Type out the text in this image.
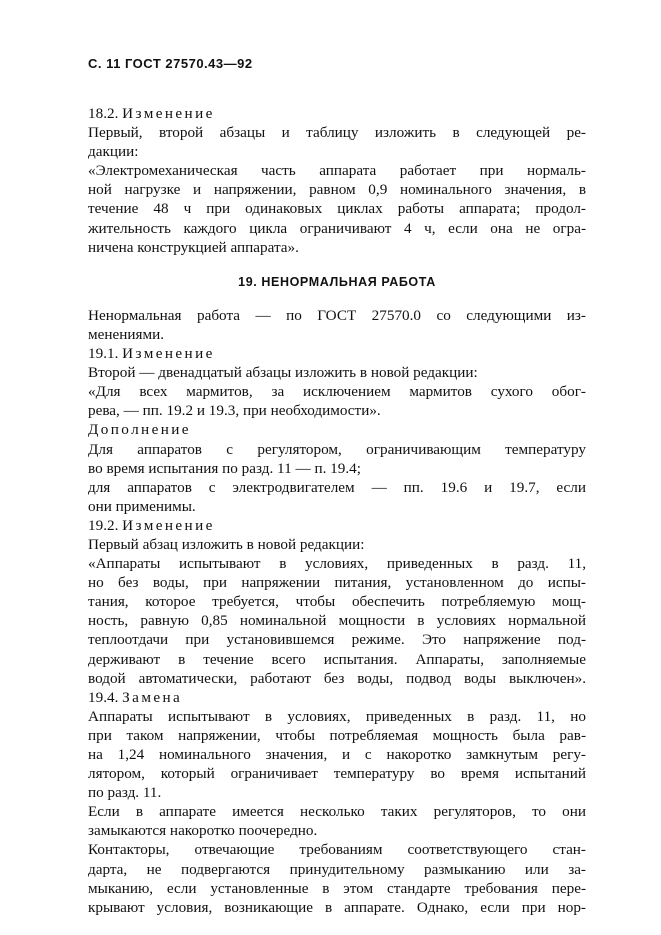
С. 11 ГОСТ 27570.43—92
18.2. Изменение
Первый, второй абзацы и таблицу изложить в следующей ре-
дакции:
«Электромеханическая часть аппарата работает при нормаль-
ной нагрузке и напряжении, равном 0,9 номинального значения, в
течение 48 ч при одинаковых циклах работы аппарата; продол-
жительность каждого цикла ограничивают 4 ч, если она не огра-
ничена конструкцией аппарата».
19. НЕНОРМАЛЬНАЯ РАБОТА
Ненормальная работа — по ГОСТ 27570.0 со следующими из-
менениями.
19.1. Изменение
Второй — двенадцатый абзацы изложить в новой редакции:
«Для всех мармитов, за исключением мармитов сухого обог-
рева, — пп. 19.2 и 19.3, при необходимости».
Дополнение
Для аппаратов с регулятором, ограничивающим температуру
во время испытания по разд. 11 — п. 19.4;
для аппаратов с электродвигателем — пп. 19.6 и 19.7, если
они применимы.
19.2. Изменение
Первый абзац изложить в новой редакции:
«Аппараты испытывают в условиях, приведенных в разд. 11,
но без воды, при напряжении питания, установленном до испы-
тания, которое требуется, чтобы обеспечить потребляемую мощ-
ность, равную 0,85 номинальной мощности в условиях нормальной
теплоотдачи при установившемся режиме. Это напряжение под-
держивают в течение всего испытания. Аппараты, заполняемые
водой автоматически, работают без воды, подвод воды выключен».
19.4. Замена
Аппараты испытывают в условиях, приведенных в разд. 11, но
при таком напряжении, чтобы потребляемая мощность была рав-
на 1,24 номинального значения, и с накоротко замкнутым регу-
лятором, который ограничивает температуру во время испытаний
по разд. 11.
Если в аппарате имеется несколько таких регуляторов, то они
замыкаются накоротко поочередно.
Контакторы, отвечающие требованиям соответствующего стан-
дарта, не подвергаются принудительному размыканию или за-
мыканию, если установленные в этом стандарте требования пере-
крывают условия, возникающие в аппарате. Однако, если при нор-
